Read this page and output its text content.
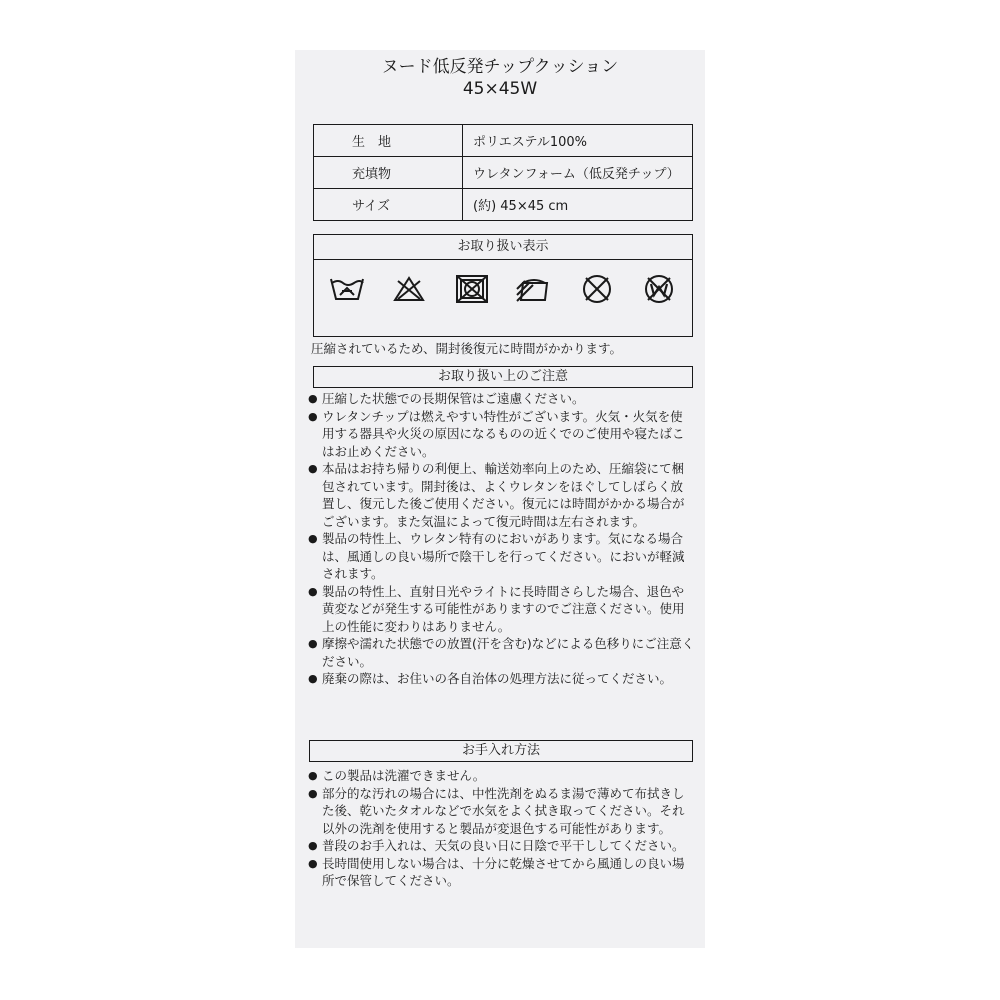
ヌード低反発チップクッション
45×45W
生　地	ポリエステル100%
充填物	ウレタンフォーム（低反発チップ）
サイズ	(約) 45×45 cm
お取り扱い表示
圧縮されているため、開封後復元に時間がかかります。
お取り扱い上のご注意
● 圧縮した状態での長期保管はご遠慮ください。
● ウレタンチップは燃えやすい特性がございます。火気・火気を使用する器具や火災の原因になるものの近くでのご使用や寝たばこはお止めください。
● 本品はお持ち帰りの利便上、輸送効率向上のため、圧縮袋にて梱包されています。開封後は、よくウレタンをほぐしてしばらく放置し、復元した後ご使用ください。復元には時間がかかる場合がございます。また気温によって復元時間は左右されます。
● 製品の特性上、ウレタン特有のにおいがあります。気になる場合は、風通しの良い場所で陰干しを行ってください。においが軽減されます。
● 製品の特性上、直射日光やライトに長時間さらした場合、退色や黄変などが発生する可能性がありますのでご注意ください。使用上の性能に変わりはありません。
● 摩擦や濡れた状態での放置(汗を含む)などによる色移りにご注意ください。
● 廃棄の際は、お住いの各自治体の処理方法に従ってください。
お手入れ方法
● この製品は洗濯できません。
● 部分的な汚れの場合には、中性洗剤をぬるま湯で薄めて布拭きした後、乾いたタオルなどで水気をよく拭き取ってください。それ以外の洗剤を使用すると製品が変退色する可能性があります。
● 普段のお手入れは、天気の良い日に日陰で平干ししてください。
● 長時間使用しない場合は、十分に乾燥させてから風通しの良い場所で保管してください。
